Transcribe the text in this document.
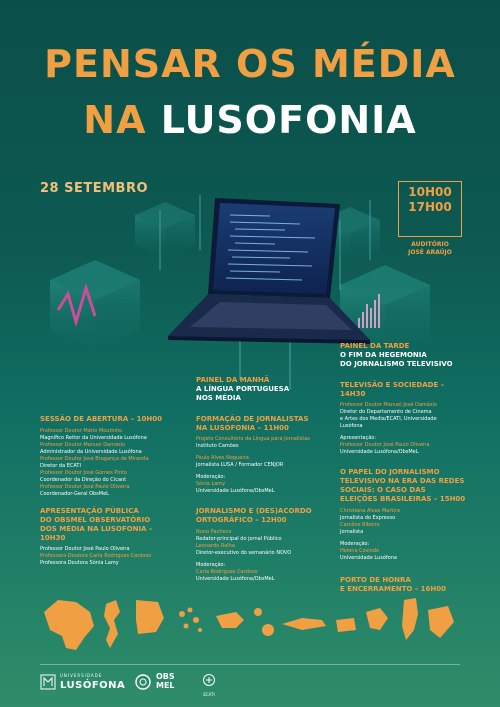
PENSAR OS MÉDIA
NA LUSOFONIA
28 SETEMBRO	10H00
17H00
AUDITÓRIO
JOSÉ ARAÚJO
SESSÃO DE ABERTURA – 10H00
Professor Doutor Mário Moutinho
Magnífico Reitor da Universidade Lusófona
Professor Doutor Manuel Damásio
Administrador da Universidade Lusófona
Professor Doutor José Bragança de Miranda
Diretor da ECATI
Professor Doutor José Gomes Pinto
Coordenador da Direção do Cicant
Professor Doutor José Paulo Oliveira
Coordenador-Geral ObsMeL
APRESENTAÇÃO PÚBLICA
DO OBSMEL OBSERVATÓRIO
DOS MÉDIA NA LUSOFONIA – 10H30
Professor Doutor José Paulo Oliveira
Professora Doutora Carla Rodrigues Cardoso
Professora Doutora Sónia Lamy
PAINEL DA MANHÃ
A LÍNGUA PORTUGUESA
NOS MÉDIA
FORMAÇÃO DE JORNALISTAS
NA LUSOFONIA – 11H00
Projeto Consultório da Língua para Jornalistas
Instituto Camões
Paulo Alves Nogueira
Jornalista LUSA / Formador CENJOR
Moderação:
Sónia Lamy
Universidade Lusófona/ObsMeL
JORNALISMO E (DES)ACORDO
ORTOGRÁFICO – 12H00
Nuno Pacheco
Redator-principal do jornal Público
Leonardo Ralha
Diretor-executivo do semanário NOVO
Moderação:
Carla Rodrigues Cardoso
Universidade Lusófona/ObsMeL
PAINEL DA TARDE
O FIM DA HEGEMONIA
DO JORNALISMO TELEVISIVO
TELEVISÃO E SOCIEDADE – 14H30
Professor Doutor Manuel José Damásio
Diretor do Departamento de Cinema
e Artes dos Media/ECATI, Universidade
Lusófona
Apresentação:
Professor Doutor José Paulo Oliveira
Universidade Lusófona/ObsMeL
O PAPEL DO JORNALISMO
TELEVISIVO NA ERA DAS REDES
SOCIAIS: O CASO DAS
ELEIÇÕES BRASILEIRAS – 15H00
Christiana Alves Martins
Jornalista do Expresso
Caroline Ribeiro
Jornalista
Moderação:
Helena Cosindo
Universidade Lusófona
PORTO DE HONRA
E ENCERRAMENTO – 16H00
UNIVERSIDADE
LUSÓFONA
OBS
MEL
ECATI
